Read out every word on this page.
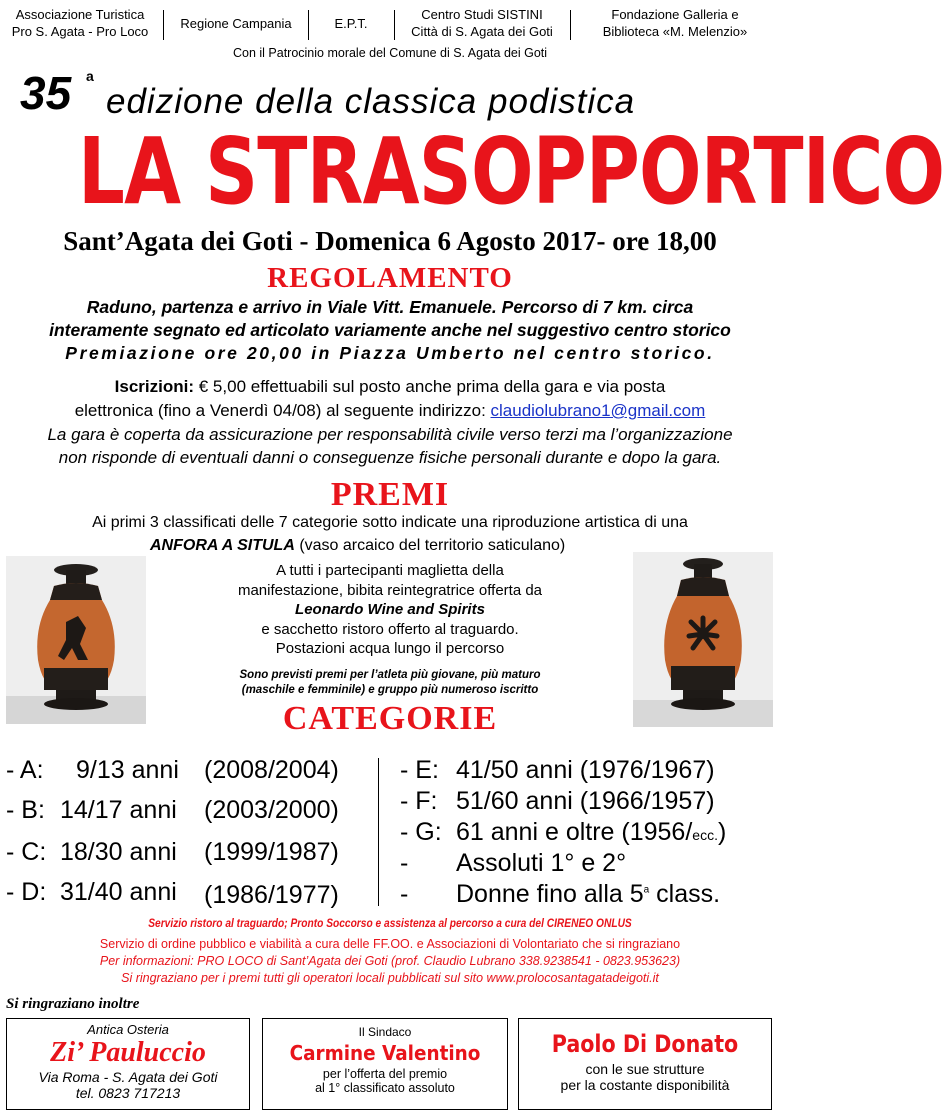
Associazione Turistica
Pro S. Agata - Pro Loco
Regione Campania	E.P.T.
Centro Studi SISTINI
Città di S. Agata dei Goti
Fondazione Galleria e
Biblioteca «M. Melenzio»
Con il Patrocinio morale del Comune di S. Agata dei Goti
35 a
edizione della classica podistica
LA STRASOPPORTICO
Sant’Agata dei Goti - Domenica 6 Agosto 2017- ore 18,00
REGOLAMENTO
Raduno, partenza e arrivo in Viale Vitt. Emanuele. Percorso di 7 km. circa
interamente segnato ed articolato variamente anche nel suggestivo centro storico
Premiazione ore 20,00 in Piazza Umberto nel centro storico.
Iscrizioni: € 5,00 effettuabili sul posto anche prima della gara e via posta
elettronica (fino a Venerdì 04/08) al seguente indirizzo: claudiolubrano1@gmail.com
La gara è coperta da assicurazione per responsabilità civile verso terzi ma l’organizzazione
non risponde di eventuali danni o conseguenze fisiche personali durante e dopo la gara.
PREMI
Ai primi 3 classificati delle 7 categorie sotto indicate una riproduzione artistica di una
ANFORA A SITULA (vaso arcaico del territorio saticulano)
A tutti i partecipanti maglietta della
manifestazione, bibita reintegratrice offerta da
Leonardo Wine and Spirits
e sacchetto ristoro offerto al traguardo.
Postazioni acqua lungo il percorso
Sono previsti premi per l’atleta più giovane, più maturo
(maschile e femminile) e gruppo più numeroso iscritto
CATEGORIE
- A: 9/13 anni (2008/2004)
- B: 14/17 anni (2003/2000)
- C: 18/30 anni (1999/1987)
- D: 31/40 anni (1986/1977)
- E: 41/50 anni (1976/1967)
- F: 51/60 anni (1966/1957)
- G: 61 anni e oltre (1956/ecc.)
- Assoluti 1° e 2°
- Donne fino alla 5$^a$ class.
Servizio ristoro al traguardo; Pronto Soccorso e assistenza al percorso a cura del CIRENEO ONLUS
Servizio di ordine pubblico e viabilità a cura delle FF.OO. e Associazioni di Volontariato che si ringraziano
Per informazioni: PRO LOCO di Sant’Agata dei Goti (prof. Claudio Lubrano 338.9238541 - 0823.953623)
Si ringraziano per i premi tutti gli operatori locali pubblicati sul sito www.prolocosantagatadeigoti.it
Si ringraziano inoltre
Antica Osteria
Zi’ Pauluccio
Via Roma - S. Agata dei Goti
tel. 0823 717213
Il Sindaco
Carmine Valentino
per l’offerta del premio
al 1° classificato assoluto
Paolo Di Donato
con le sue strutture
per la costante disponibilità
